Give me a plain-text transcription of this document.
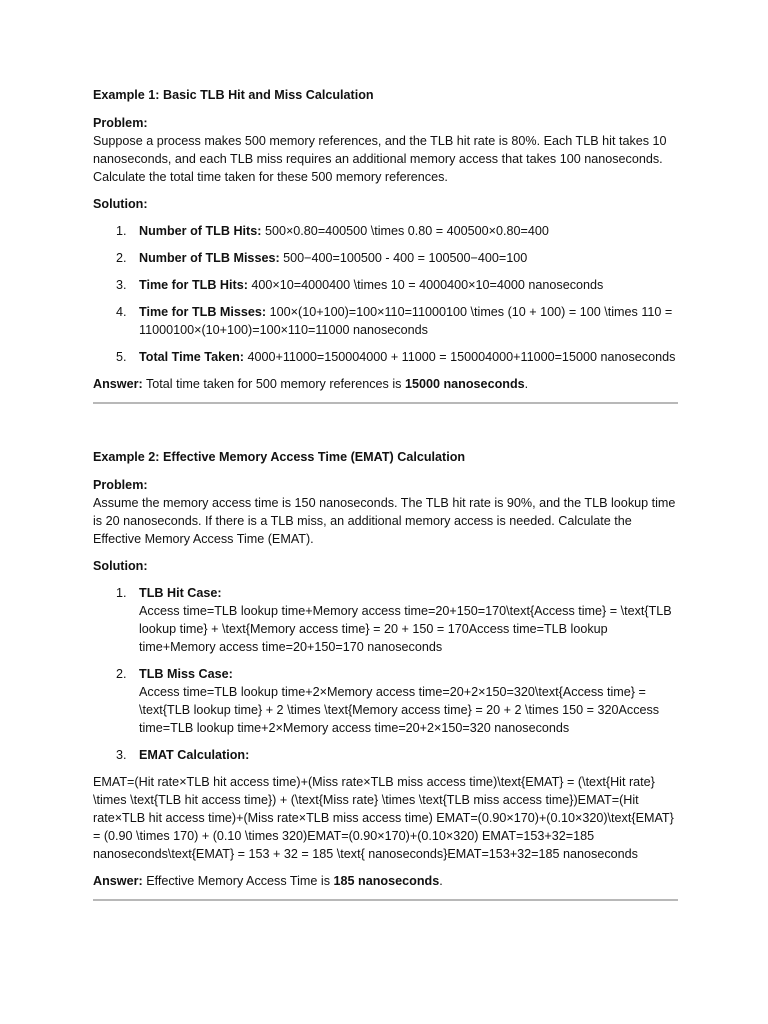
Example 1: Basic TLB Hit and Miss Calculation

Problem:

Suppose a process makes 500 memory references, and the TLB hit rate is 80%. Each TLB hit takes 10 nanoseconds, and each TLB miss requires an additional memory access that takes 100 nanoseconds. Calculate the total time taken for these 500 memory references.

Solution:

1. Number of TLB Hits: 500×0.80=400500 \times 0.80 = 400500×0.80=400
2. Number of TLB Misses: 500−400=100500 - 400 = 100500−400=100
3. Time for TLB Hits: 400×10=4000400 \times 10 = 4000400×10=4000 nanoseconds
4. Time for TLB Misses: 100×(10+100)=100×110=11000100 \times (10 + 100) = 100 \times 110 = 11000100×(10+100)=100×110=11000 nanoseconds
5. Total Time Taken: 4000+11000=150004000 + 11000 = 150004000+11000=15000 nanoseconds

Answer: Total time taken for 500 memory references is 15000 nanoseconds.

Example 2: Effective Memory Access Time (EMAT) Calculation

Problem:

Assume the memory access time is 150 nanoseconds. The TLB hit rate is 90%, and the TLB lookup time is 20 nanoseconds. If there is a TLB miss, an additional memory access is needed. Calculate the Effective Memory Access Time (EMAT).

Solution:

1. TLB Hit Case:
Access time=TLB lookup time+Memory access time=20+150=170\text{Access time} = \text{TLB lookup time} + \text{Memory access time} = 20 + 150 = 170Access time=TLB lookup time+Memory access time=20+150=170 nanoseconds
2. TLB Miss Case:
Access time=TLB lookup time+2×Memory access time=20+2×150=320\text{Access time} = \text{TLB lookup time} + 2 \times \text{Memory access time} = 20 + 2 \times 150 = 320Access time=TLB lookup time+2×Memory access time=20+2×150=320 nanoseconds
3. EMAT Calculation:

EMAT=(Hit rate×TLB hit access time)+(Miss rate×TLB miss access time)\text{EMAT} = (\text{Hit rate} \times \text{TLB hit access time}) + (\text{Miss rate} \times \text{TLB miss access time})EMAT=(Hit rate×TLB hit access time)+(Miss rate×TLB miss access time) EMAT=(0.90×170)+(0.10×320)\text{EMAT} = (0.90 \times 170) + (0.10 \times 320)EMAT=(0.90×170)+(0.10×320) EMAT=153+32=185 nanoseconds\text{EMAT} = 153 + 32 = 185 \text{ nanoseconds}EMAT=153+32=185 nanoseconds

Answer: Effective Memory Access Time is 185 nanoseconds.
